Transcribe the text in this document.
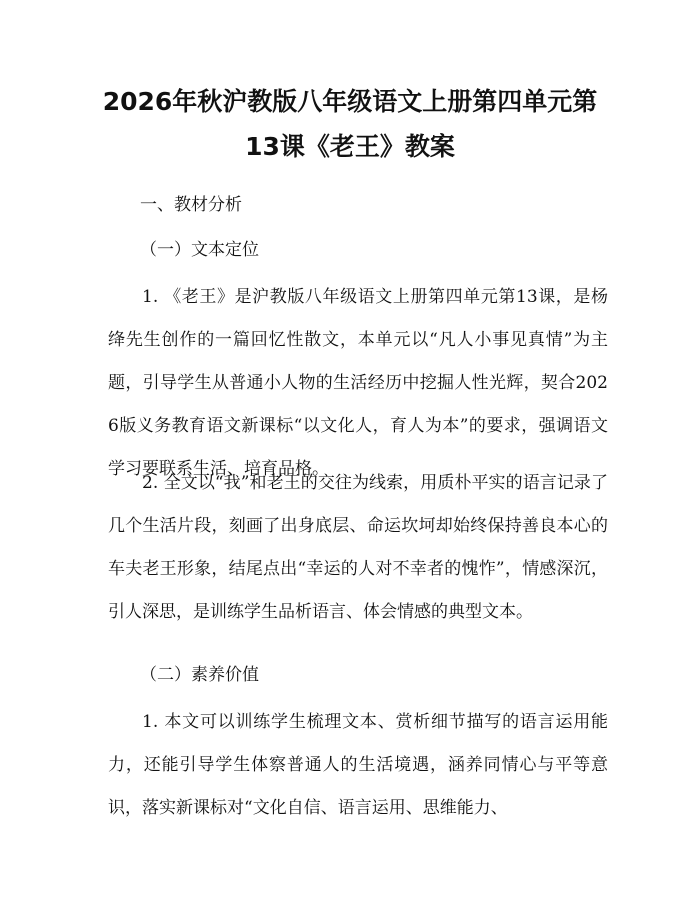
2026年秋沪教版八年级语文上册第四单元第
13课《老王》教案
一、教材分析
（一）文本定位
1. 《老王》是沪教版八年级语文上册第四单元第13课，是杨绛先生创作的一篇回忆性散文，本单元以“凡人小事见真情”为主题，引导学生从普通小人物的生活经历中挖掘人性光辉，契合2026版义务教育语文新课标“以文化人，育人为本”的要求，强调语文学习要联系生活、培育品格。
2. 全文以“我”和老王的交往为线索，用质朴平实的语言记录了几个生活片段，刻画了出身底层、命运坎坷却始终保持善良本心的车夫老王形象，结尾点出“幸运的人对不幸者的愧怍”，情感深沉，引人深思，是训练学生品析语言、体会情感的典型文本。
（二）素养价值
1. 本文可以训练学生梳理文本、赏析细节描写的语言运用能力，还能引导学生体察普通人的生活境遇，涵养同情心与平等意识，落实新课标对“文化自信、语言运用、思维能力、
